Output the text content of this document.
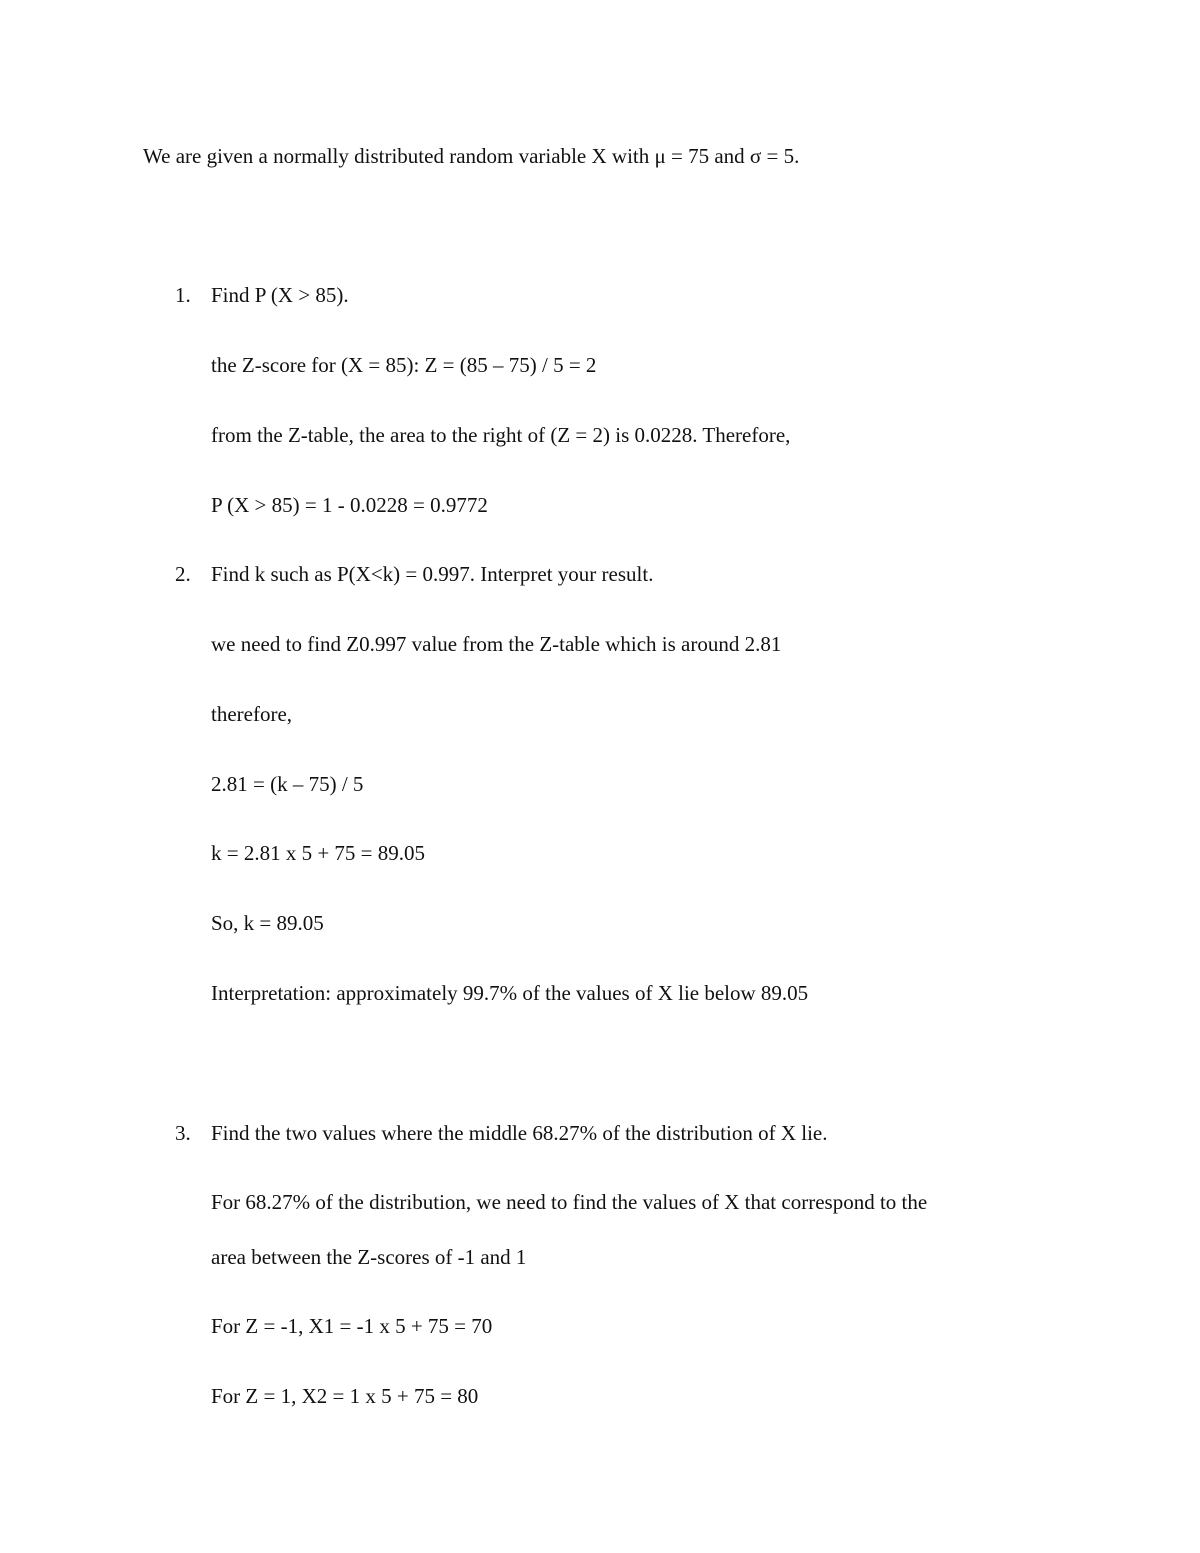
We are given a normally distributed random variable X with μ = 75 and σ = 5.
1. Find P (X > 85).
the Z-score for (X = 85): Z = (85 – 75) / 5 = 2
from the Z-table, the area to the right of (Z = 2) is 0.0228. Therefore,
P (X > 85) = 1 - 0.0228 = 0.9772
2. Find k such as P(X<k) = 0.997. Interpret your result.
we need to find Z0.997 value from the Z-table which is around 2.81
therefore,
2.81 = (k – 75) / 5
k = 2.81 x 5 + 75 = 89.05
So, k = 89.05
Interpretation: approximately 99.7% of the values of X lie below 89.05
3. Find the two values where the middle 68.27% of the distribution of X lie.
For 68.27% of the distribution, we need to find the values of X that correspond to the
area between the Z-scores of -1 and 1
For Z = -1, X1 = -1 x 5 + 75 = 70
For Z = 1, X2 = 1 x 5 + 75 = 80
